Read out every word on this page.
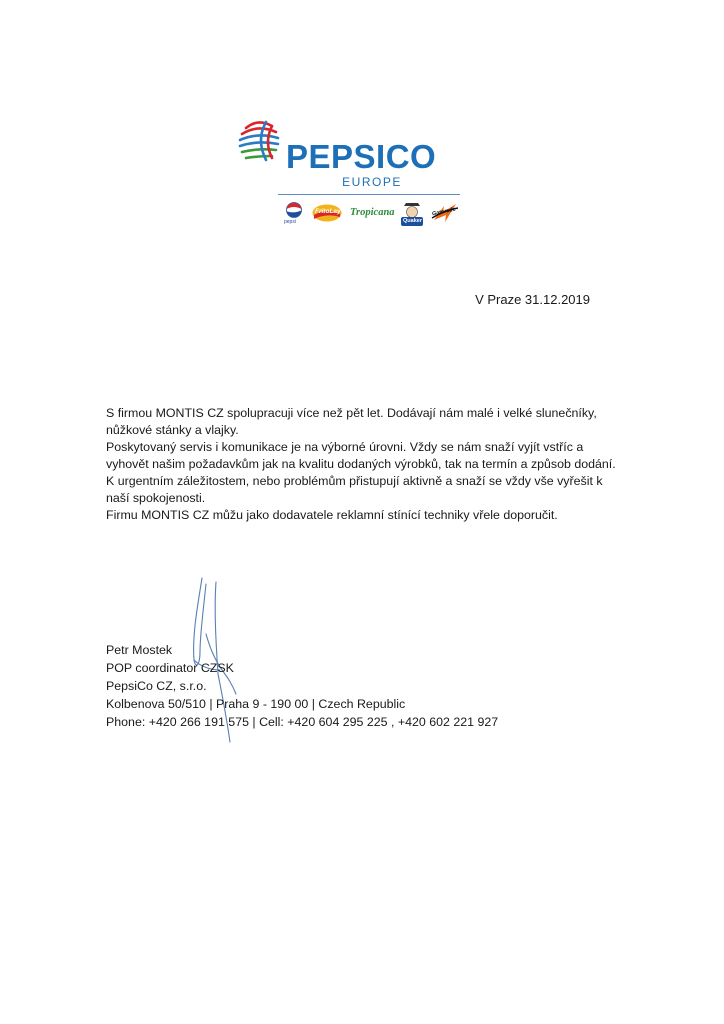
PEPSICO
EUROPE
pepsi
FritoLay Tropicana
Quaker
Gatorade
V Praze 31.12.2019

S firmou MONTIS CZ spolupracuji více než pět let. Dodávají nám malé i velké slunečníky, nůžkové stánky a vlajky.

Poskytovaný servis i komunikace je na výborné úrovni. Vždy se nám snaží vyjít vstříc a vyhovět našim požadavkům jak na kvalitu dodaných výrobků, tak na termín a způsob dodání.

K urgentním záležitostem, nebo problémům přistupují aktivně a snaží se vždy vše vyřešit k naší spokojenosti.

Firmu MONTIS CZ můžu jako dodavatele reklamní stínící techniky vřele doporučit.

Petr Mostek
POP coordinator CZSK
PepsiCo CZ, s.r.o.
Kolbenova 50/510 | Praha 9 - 190 00 | Czech Republic
Phone: +420 266 191 575 | Cell: +420 604 295 225 , +420 602 221 927
